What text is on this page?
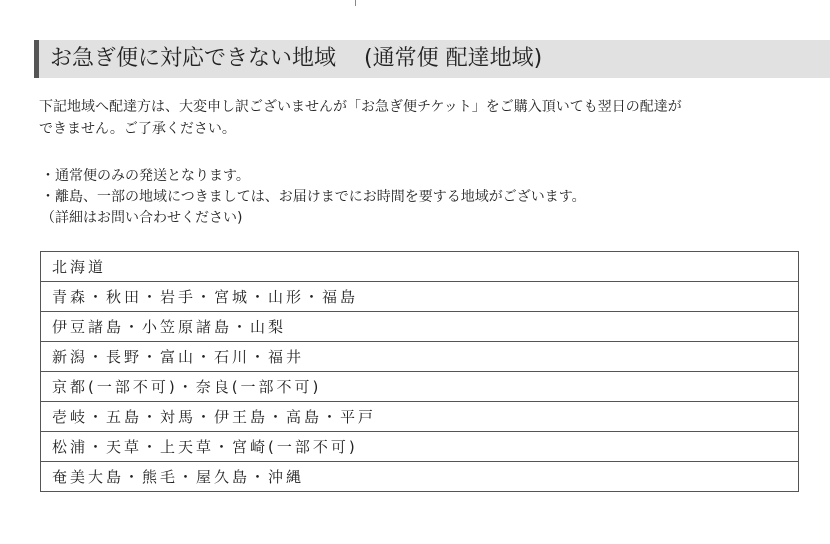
お急ぎ便に対応できない地域 (通常便 配達地域)
下記地域へ配達方は、大変申し訳ございませんが「お急ぎ便チケット」をご購入頂いても翌日の配達が
できません。ご了承ください。
・通常便のみの発送となります。
・離島、一部の地域につきましては、お届けまでにお時間を要する地域がございます。
（詳細はお問い合わせください)
北海道
青森・秋田・岩手・宮城・山形・福島
伊豆諸島・小笠原諸島・山梨
新潟・長野・富山・石川・福井
京都(一部不可)・奈良(一部不可)
壱岐・五島・対馬・伊王島・高島・平戸
松浦・天草・上天草・宮崎(一部不可)
奄美大島・熊毛・屋久島・沖縄
